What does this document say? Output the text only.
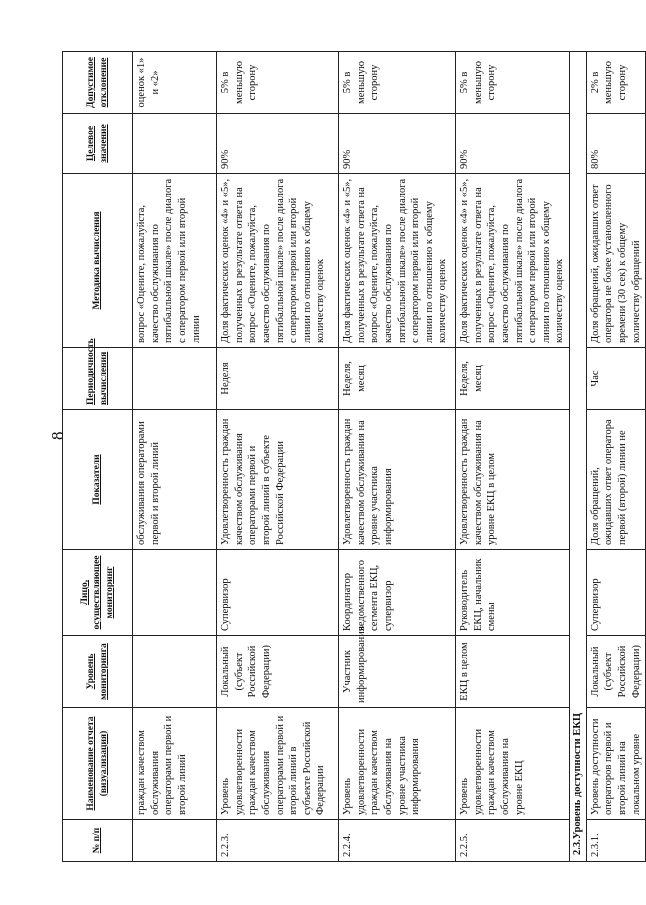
8
№ п/п	Наименование отчета (визуализация)	Уровень мониторинга	Лицо, осуществляющее мониторинг	Показатели	Периодичность вычисления	Методика вычисления	Целевое значение	Допустимое отклонение
	граждан качеством обслуживания операторами первой и второй линий			обслуживания операторами первой и второй линий		вопрос «Оцените, пожалуйста, качество обслуживания по пятибалльной шкале» после диалога с оператором первой или второй линии		оценок «1» и «2»
2.2.3.	Уровень удовлетворенности граждан качеством обслуживания операторами первой и второй линий в субъекте Российской Федерации	Локальный (субъект Российской Федерации)	Супервизор	Удовлетворенность граждан качеством обслуживания операторами первой и второй линий в субъекте Российской Федерации	Неделя	Доля фактических оценок «4» и «5», полученных в результате ответа на вопрос «Оцените, пожалуйста, качество обслуживания по пятибалльной шкале» после диалога с оператором первой или второй линии по отношению к общему количеству оценок	90%	5% в меньшую сторону
2.2.4.	Уровень удовлетворенности граждан качеством обслуживания на уровне участника информирования	Участник информирования	Координатор ведомственного сегмента ЕКЦ, супервизор	Удовлетворенность граждан качеством обслуживания на уровне участника информирования	Неделя, месяц	Доля фактических оценок «4» и «5», полученных в результате ответа на вопрос «Оцените, пожалуйста, качество обслуживания по пятибалльной шкале» после диалога с оператором первой или второй линии по отношению к общему количеству оценок	90%	5% в меньшую сторону
2.2.5.	Уровень удовлетворенности граждан качеством обслуживания на уровне ЕКЦ	ЕКЦ в целом	Руководитель ЕКЦ, начальник смены	Удовлетворенность граждан качеством обслуживания на уровне ЕКЦ в целом	Неделя, месяц	Доля фактических оценок «4» и «5», полученных в результате ответа на вопрос «Оцените, пожалуйста, качество обслуживания по пятибалльной шкале» после диалога с оператором первой или второй линии по отношению к общему количеству оценок	90%	5% в меньшую сторону
2.3.Уровень доступности ЕКЦ								
2.3.1.	Уровень доступности операторов первой и второй линий на локальном уровне	Локальный (субъект Российской Федерации)	Супервизор	Доля обращений, ожидавших ответ оператора первой (второй) линии не	Час	Доля обращений, ожидавших ответ оператора не более установленного времени (30 сек) к общему количеству обращений	80%	2% в меньшую сторону
